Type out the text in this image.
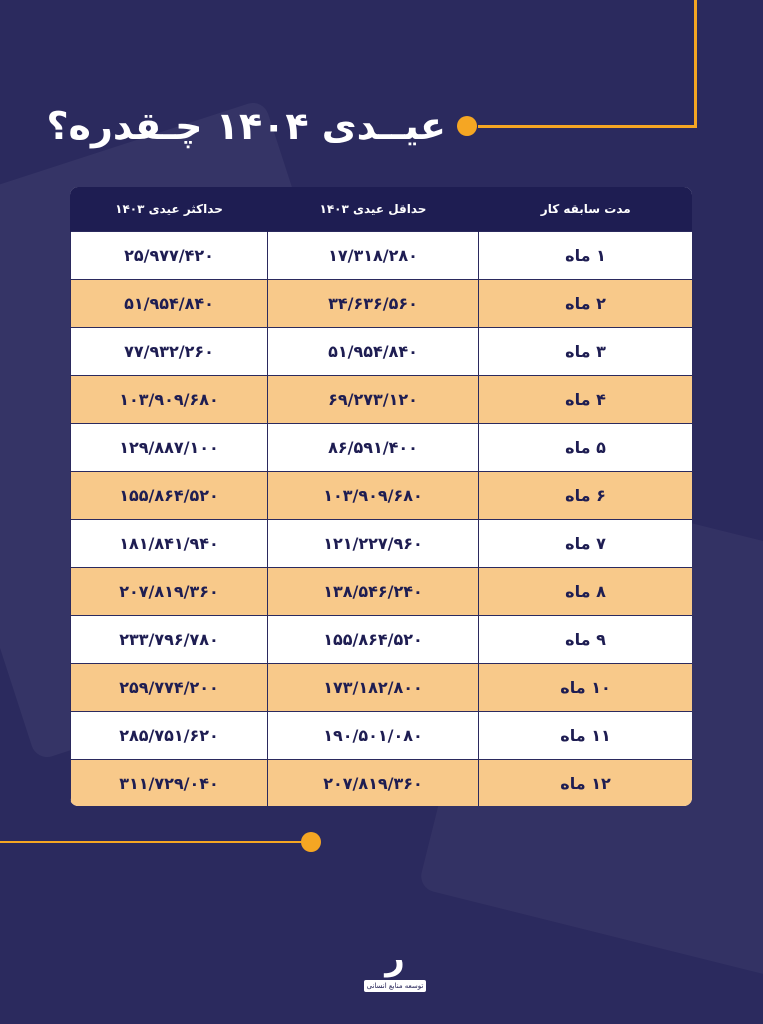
عیــدی ۱۴۰۴ چـقدره؟
مدت سابقه کار	حداقل عیدی ۱۴۰۳	حداکثر عیدی ۱۴۰۳
۱ ماه	۱۷/۳۱۸/۲۸۰	۲۵/۹۷۷/۴۲۰
۲ ماه	۳۴/۶۳۶/۵۶۰	۵۱/۹۵۴/۸۴۰
۳ ماه	۵۱/۹۵۴/۸۴۰	۷۷/۹۳۲/۲۶۰
۴ ماه	۶۹/۲۷۳/۱۲۰	۱۰۳/۹۰۹/۶۸۰
۵ ماه	۸۶/۵۹۱/۴۰۰	۱۲۹/۸۸۷/۱۰۰
۶ ماه	۱۰۳/۹۰۹/۶۸۰	۱۵۵/۸۶۴/۵۲۰
۷ ماه	۱۲۱/۲۲۷/۹۶۰	۱۸۱/۸۴۱/۹۴۰
۸ ماه	۱۳۸/۵۴۶/۲۴۰	۲۰۷/۸۱۹/۳۶۰
۹ ماه	۱۵۵/۸۶۴/۵۲۰	۲۳۳/۷۹۶/۷۸۰
۱۰ ماه	۱۷۳/۱۸۲/۸۰۰	۲۵۹/۷۷۴/۲۰۰
۱۱ ماه	۱۹۰/۵۰۱/۰۸۰	۲۸۵/۷۵۱/۶۲۰
۱۲ ماه	۲۰۷/۸۱۹/۳۶۰	۳۱۱/۷۲۹/۰۴۰
ر
توسعه منابع انسانی
